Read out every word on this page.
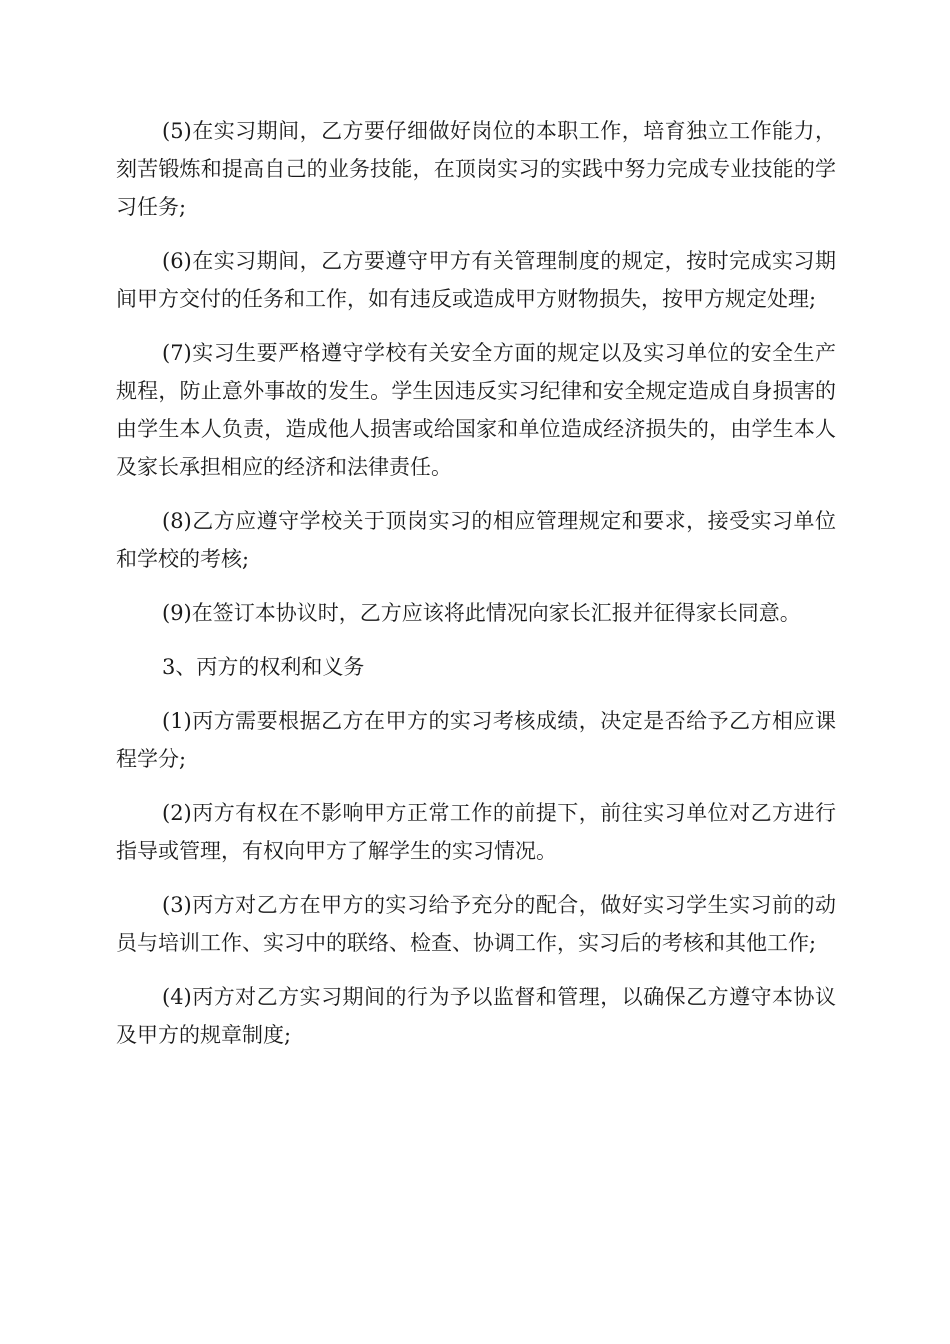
(5)在实习期间，乙方要仔细做好岗位的本职工作，培育独立工作能力，刻苦锻炼和提高自己的业务技能，在顶岗实习的实践中努力完成专业技能的学习任务;

(6)在实习期间，乙方要遵守甲方有关管理制度的规定，按时完成实习期间甲方交付的任务和工作，如有违反或造成甲方财物损失，按甲方规定处理;

(7)实习生要严格遵守学校有关安全方面的规定以及实习单位的安全生产规程，防止意外事故的发生。学生因违反实习纪律和安全规定造成自身损害的由学生本人负责，造成他人损害或给国家和单位造成经济损失的，由学生本人及家长承担相应的经济和法律责任。

(8)乙方应遵守学校关于顶岗实习的相应管理规定和要求，接受实习单位和学校的考核;

(9)在签订本协议时，乙方应该将此情况向家长汇报并征得家长同意。

3、丙方的权利和义务

(1)丙方需要根据乙方在甲方的实习考核成绩，决定是否给予乙方相应课程学分;

(2)丙方有权在不影响甲方正常工作的前提下，前往实习单位对乙方进行指导或管理，有权向甲方了解学生的实习情况。

(3)丙方对乙方在甲方的实习给予充分的配合，做好实习学生实习前的动员与培训工作、实习中的联络、检查、协调工作，实习后的考核和其他工作;

(4)丙方对乙方实习期间的行为予以监督和管理，以确保乙方遵守本协议及甲方的规章制度;
